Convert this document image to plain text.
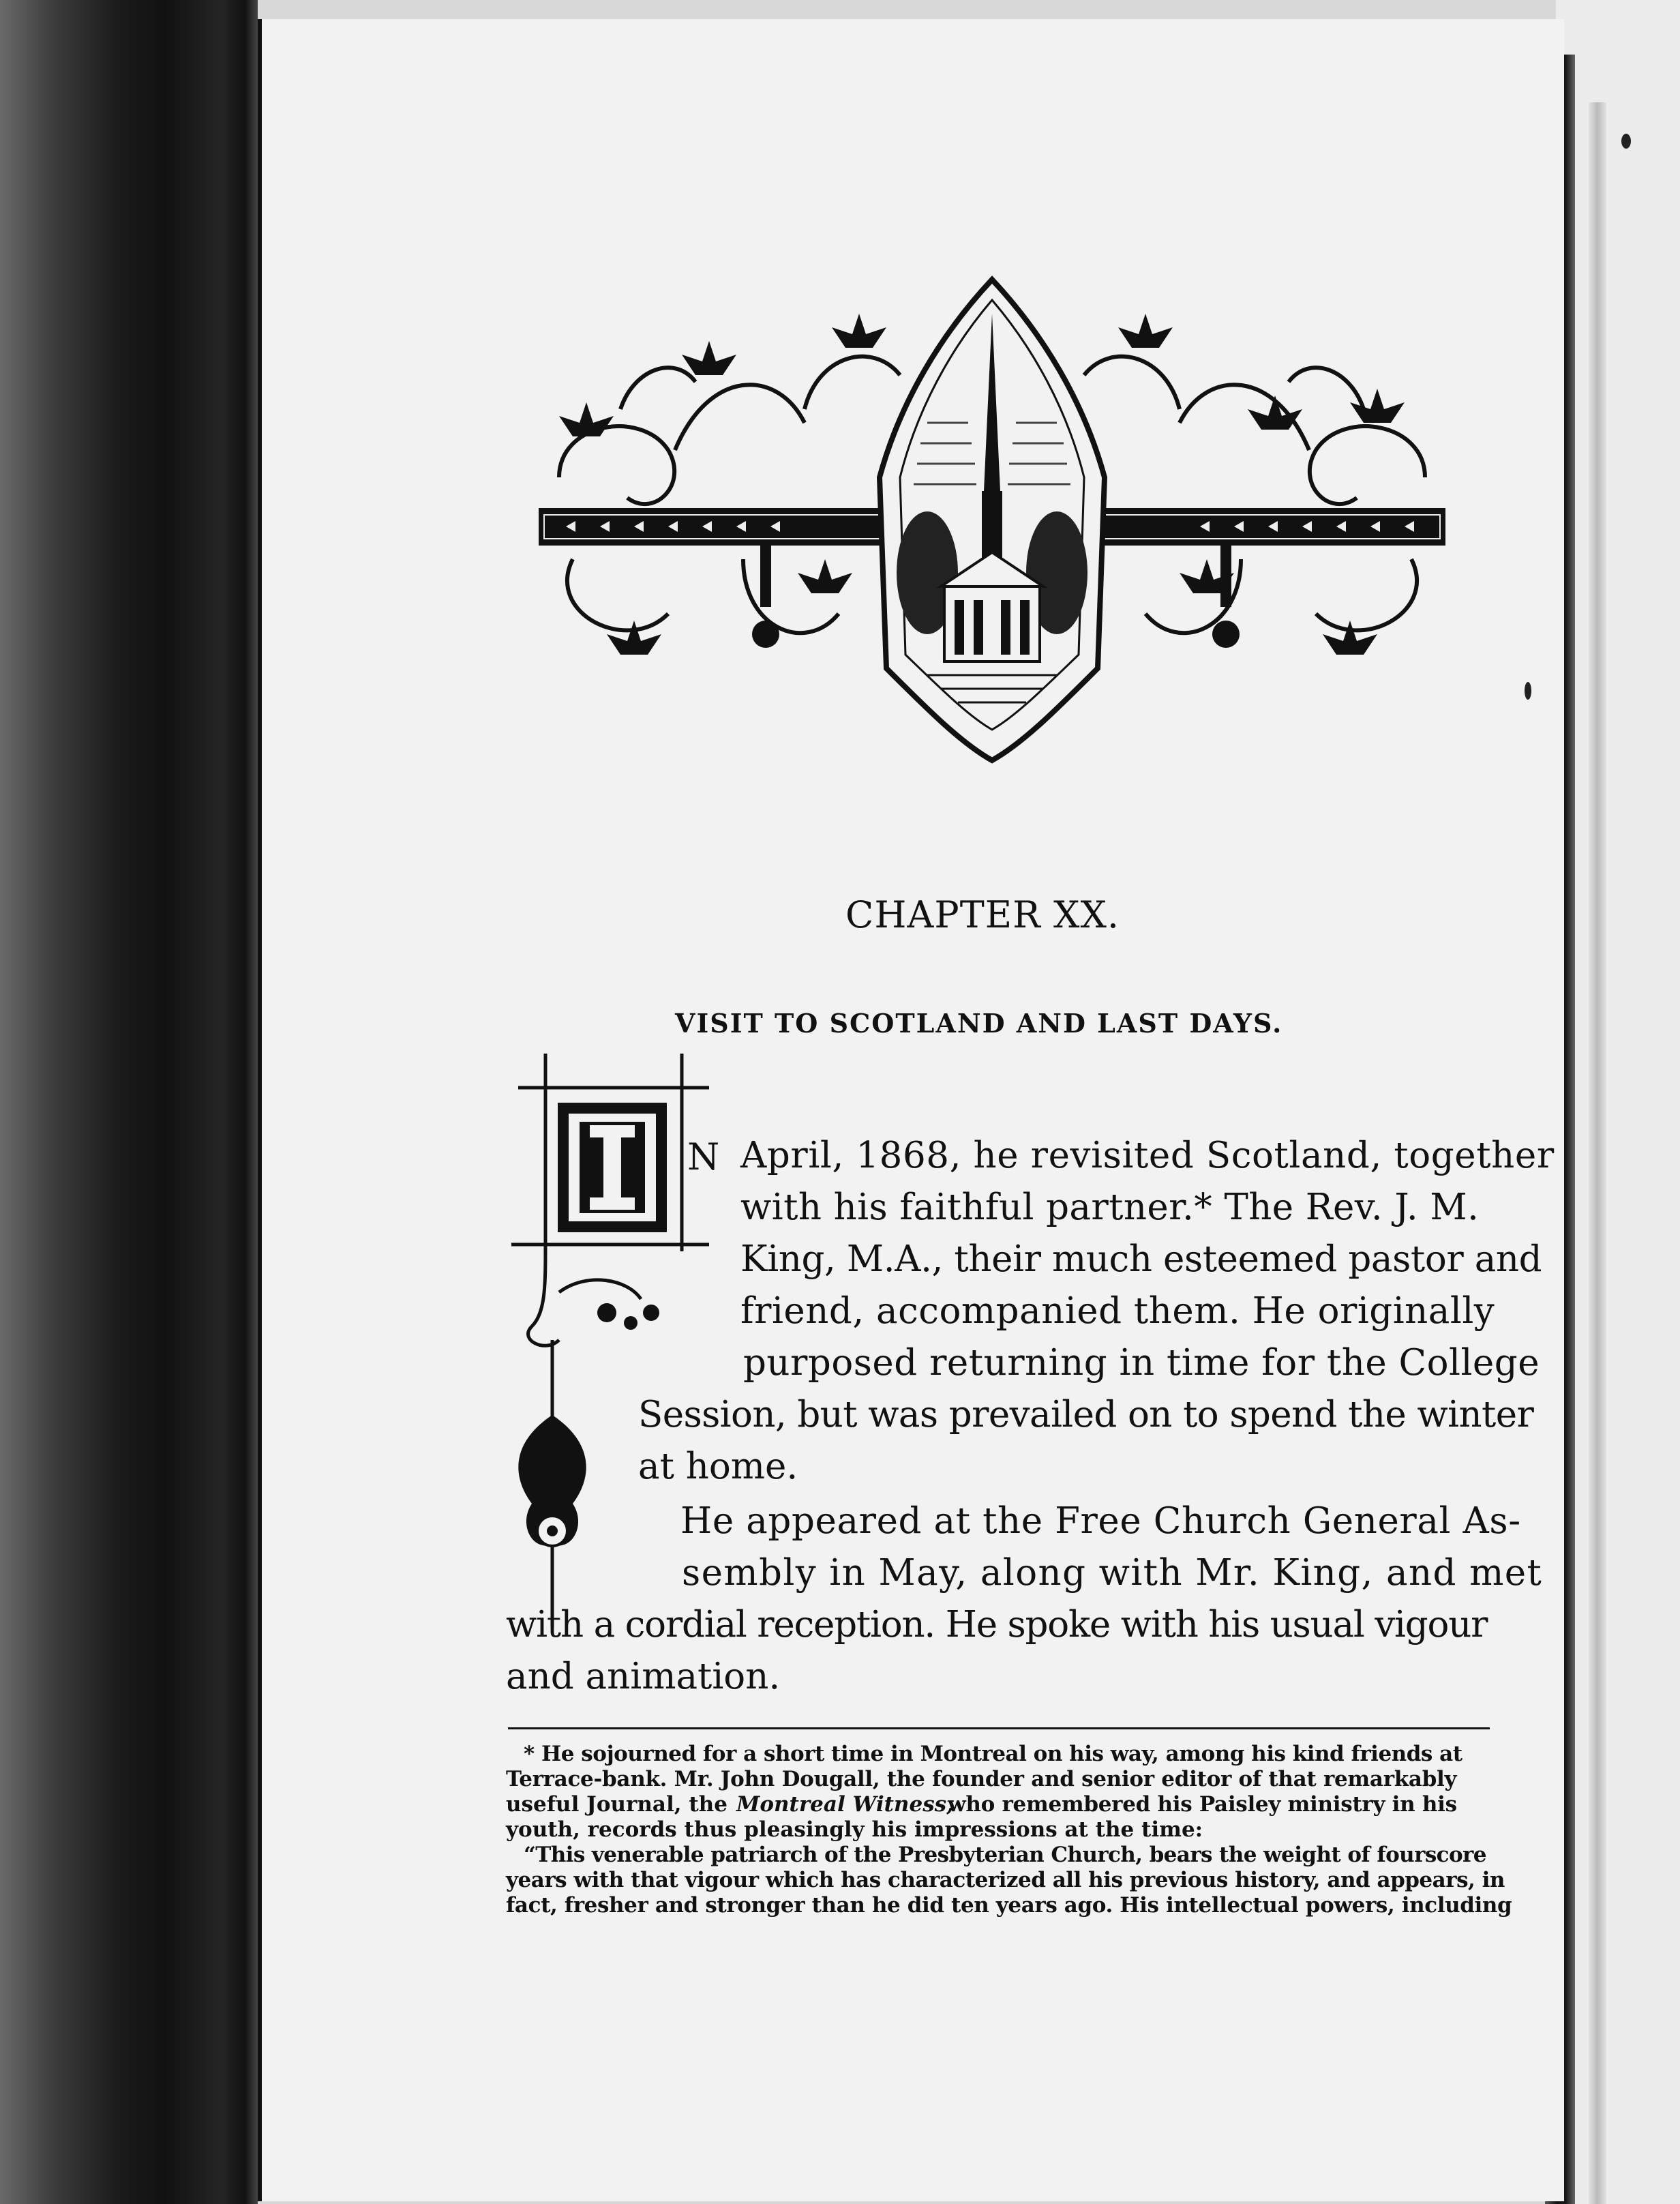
CHAPTER XX.
VISIT TO SCOTLAND AND LAST DAYS.
N April, 1868, he revisited Scotland, together
with his faithful partner.* The Rev. J. M.
King, M.A., their much esteemed pastor and
friend, accompanied them. He originally
purposed returning in time for the College
Session, but was prevailed on to spend the winter
at home.
He appeared at the Free Church General As-
sembly in May, along with Mr. King, and met
with a cordial reception. He spoke with his usual vigour
and animation.
* He sojourned for a short time in Montreal on his way, among his kind friends at
Terrace-bank. Mr. John Dougall, the founder and senior editor of that remarkably
useful Journal, the Montreal Witness,
who remembered his Paisley ministry in his
youth, records thus pleasingly his impressions at the time:
“This venerable patriarch of the Presbyterian Church, bears the weight of fourscore
years with that vigour which has characterized all his previous history, and appears, in
fact, fresher and stronger than he did ten years ago. His intellectual powers, including
